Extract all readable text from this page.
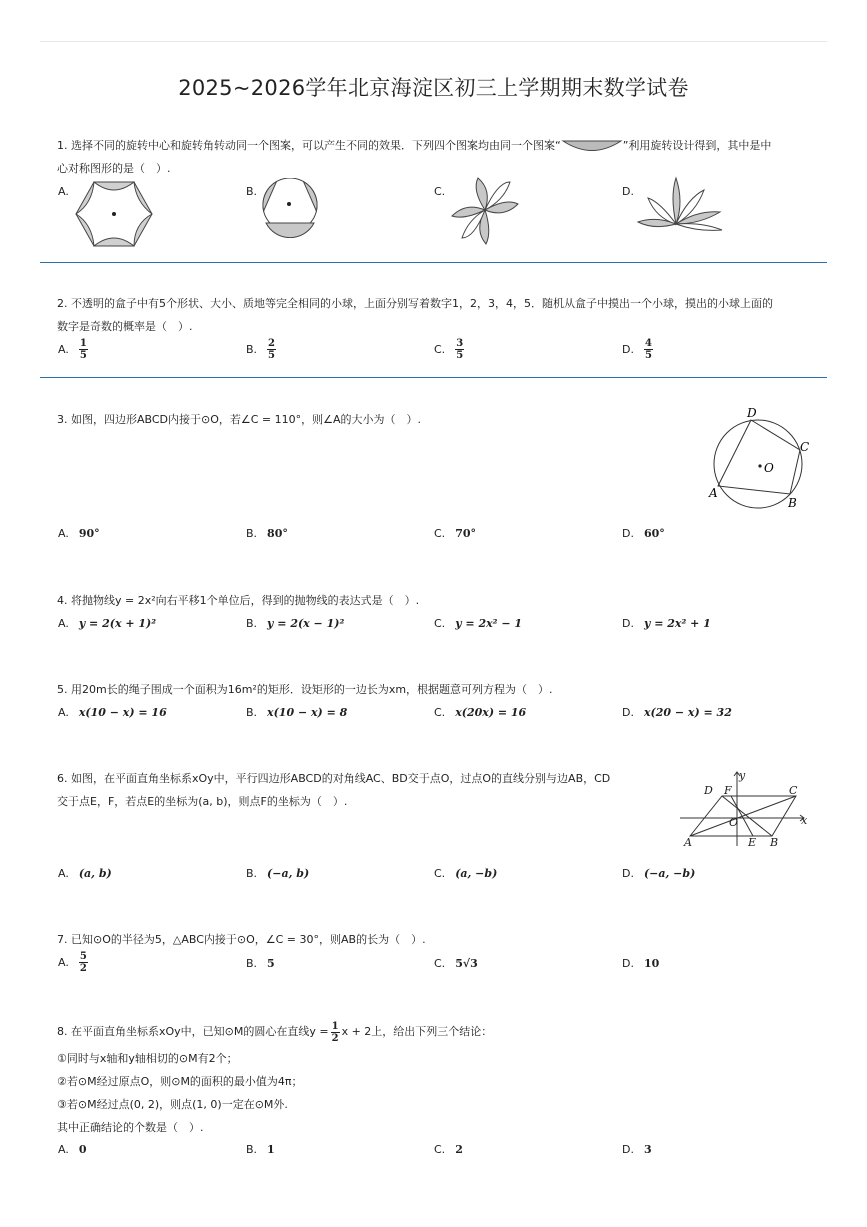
2025~2026学年北京海淀区初三上学期期末数学试卷
1. 选择不同的旋转中心和旋转角转动同一个图案，可以产生不同的效果．下列四个图案均由同一个图案“	”利用旋转设计得到，其中是中
心对称图形的是（　）.
A.	B.	C.	D.
2. 不透明的盒子中有5个形状、大小、质地等完全相同的小球，上面分别写着数字1，2，3，4，5．随机从盒子中摸出一个小球，摸出的小球上面的
数字是奇数的概率是（　）.
A. $\frac{1}{5}$	B. $\frac{2}{5}$	C. $\frac{3}{5}$	D. $\frac{4}{5}$
3. 如图，四边形ABCD内接于⊙O，若∠C = 110°，则∠A的大小为（　）.
O
D
C
B
A
A. 90°	B. 80°	C. 70°	D. 60°
4. 将抛物线y = 2x²向右平移1个单位后，得到的抛物线的表达式是（　）.
A. y = 2(x + 1)²	B. y = 2(x − 1)²	C. y = 2x² − 1	D. y = 2x² + 1
5. 用20m长的绳子围成一个面积为16m²的矩形．设矩形的一边长为xm，根据题意可列方程为（　）.
A. x(10 − x) = 16	B. x(10 − x) = 8	C. x(20x) = 16	D. x(20 − x) = 32
6. 如图，在平面直角坐标系xOy中，平行四边形ABCD的对角线AC、BD交于点O，过点O的直线分别与边AB，CD
交于点E，F，若点E的坐标为(a, b)，则点F的坐标为（　）.
y
x
D F	C
O
A	E B
A. (a, b)	B. (−a, b)	C. (a, −b)	D. (−a, −b)
7. 已知⊙O的半径为5，△ABC内接于⊙O，∠C = 30°，则AB的长为（　）.
A. $\frac{5}{2}$	B. 5	C. 5√3	D. 10
8. 在平面直角坐标系xOy中，已知⊙M的圆心在直线$y = \frac{1}{2}$ x + 2上，给出下列三个结论：
①同时与x轴和y轴相切的⊙M有2个；
②若⊙M经过原点O，则⊙M的面积的最小值为4π；
③若⊙M经过点(0, 2)，则点(1, 0)一定在⊙M外.
其中正确结论的个数是（　）.
A. 0	B. 1	C. 2	D. 3
